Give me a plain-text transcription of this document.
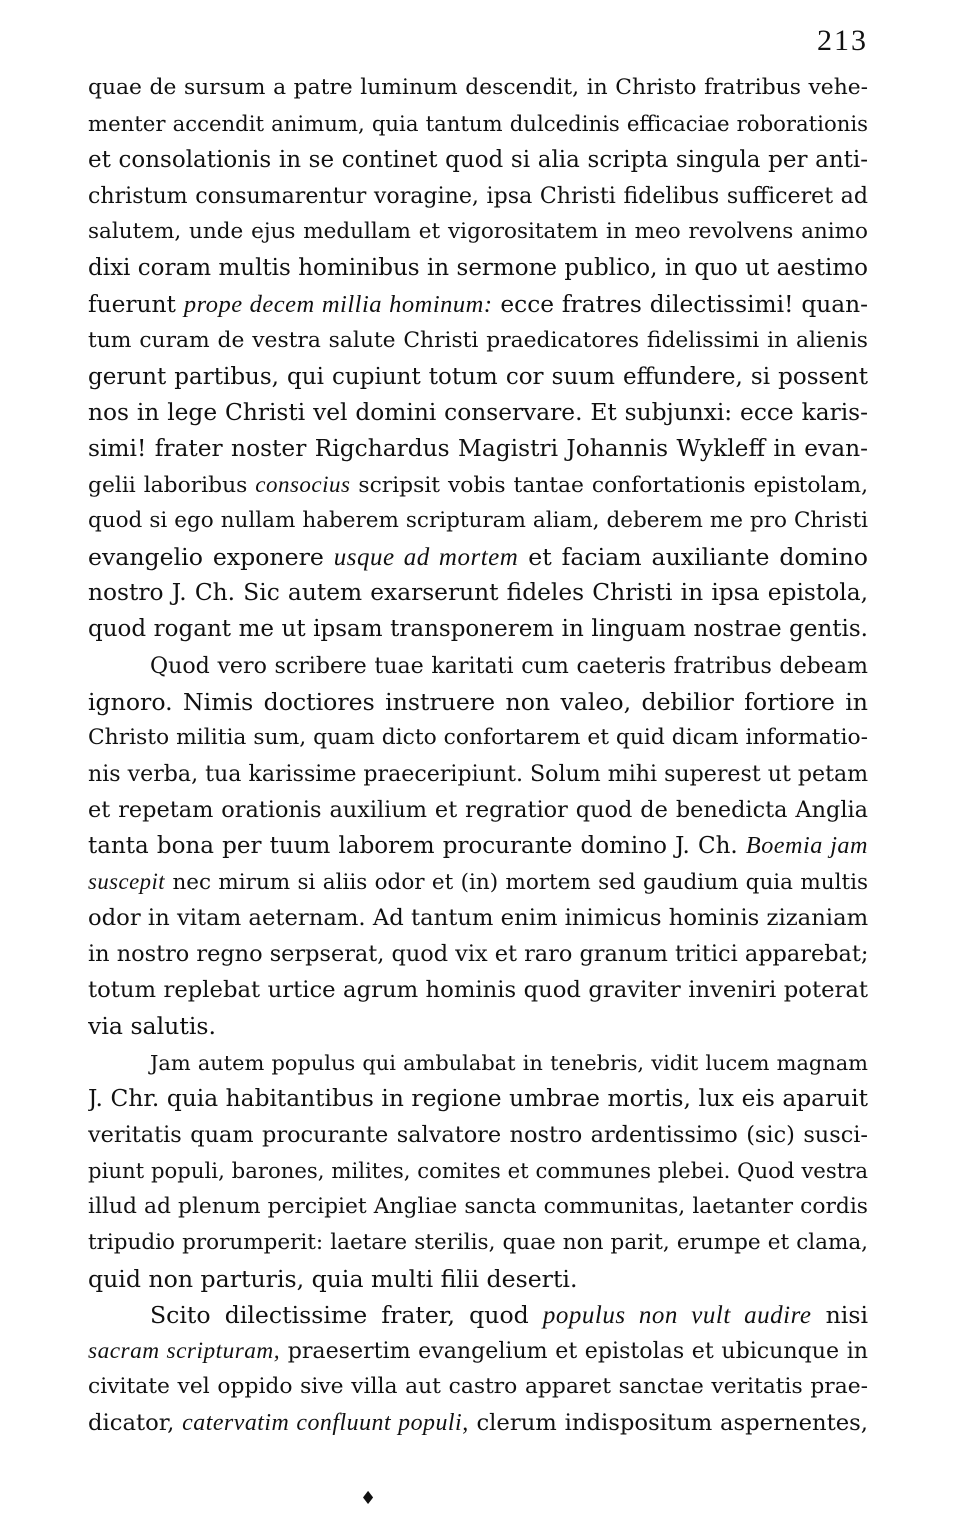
213
quae de sursum a patre luminum descendit, in Christo fratribus vehe-
menter accendit animum, quia tantum dulcedinis efficaciae roborationis
et consolationis in se continet quod si alia scripta singula per anti-
christum consumarentur voragine, ipsa Christi fidelibus sufficeret ad
salutem, unde ejus medullam et vigorositatem in meo revolvens animo
dixi coram multis hominibus in sermone publico, in quo ut aestimo
fuerunt prope decem millia hominum: ecce fratres dilectissimi! quan-
tum curam de vestra salute Christi praedicatores fidelissimi in alienis
gerunt partibus, qui cupiunt totum cor suum effundere, si possent
nos in lege Christi vel domini conservare. Et subjunxi: ecce karis-
simi! frater noster Rigchardus Magistri Johannis Wykleff in evan-
gelii laboribus consocius scripsit vobis tantae confortationis epistolam,
quod si ego nullam haberem scripturam aliam, deberem me pro Christi
evangelio exponere usque ad mortem et faciam auxiliante domino
nostro J. Ch. Sic autem exarserunt fideles Christi in ipsa epistola,
quod rogant me ut ipsam transponerem in linguam nostrae gentis.
Quod vero scribere tuae karitati cum caeteris fratribus debeam
ignoro. Nimis doctiores instruere non valeo, debilior fortiore in
Christo militia sum, quam dicto confortarem et quid dicam informatio-
nis verba, tua karissime praeceripiunt. Solum mihi superest ut petam
et repetam orationis auxilium et regratior quod de benedicta Anglia
tanta bona per tuum laborem procurante domino J. Ch. Boemia jam
suscepit nec mirum si aliis odor et (in) mortem sed gaudium quia multis
odor in vitam aeternam. Ad tantum enim inimicus hominis zizaniam
in nostro regno serpserat, quod vix et raro granum tritici apparebat;
totum replebat urtice agrum hominis quod graviter inveniri poterat
via salutis.
Jam autem populus qui ambulabat in tenebris, vidit lucem magnam
J. Chr. quia habitantibus in regione umbrae mortis, lux eis aparuit
veritatis quam procurante salvatore nostro ardentissimo (sic) susci-
piunt populi, barones, milites, comites et communes plebei. Quod vestra
illud ad plenum percipiet Angliae sancta communitas, laetanter cordis
tripudio prorumperit: laetare sterilis, quae non parit, erumpe et clama,
quid non parturis, quia multi filii deserti.
Scito dilectissime frater, quod populus non vult audire nisi
sacram scripturam, praesertim evangelium et epistolas et ubicunque in
civitate vel oppido sive villa aut castro apparet sanctae veritatis prae-
dicator, catervatim confluunt populi, clerum indispositum aspernentes,
♦
